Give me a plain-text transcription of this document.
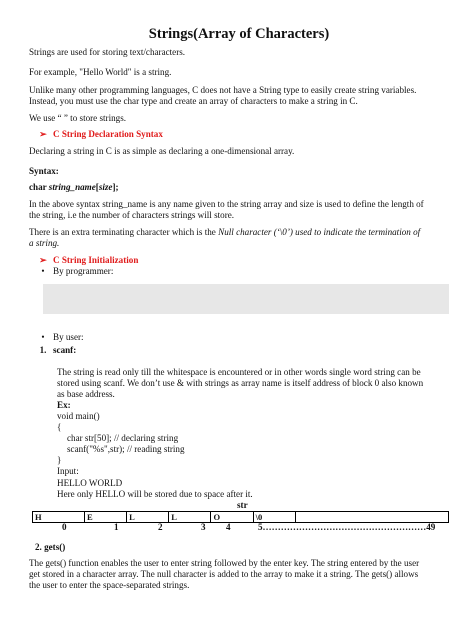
Strings(Array of Characters)
Strings are used for storing text/characters.
For example, "Hello World" is a string.
Unlike many other programming languages, C does not have a String type to easily create string variables.
Instead, you must use the char type and create an array of characters to make a string in C.
We use “ ” to store strings.
➢ C String Declaration Syntax
Declaring a string in C is as simple as declaring a one-dimensional array.
Syntax:
char string_name[size];
In the above syntax string_name is any name given to the string array and size is used to define the length of
the string, i.e the number of characters strings will store.
There is an extra terminating character which is the Null character (‘\0’) used to indicate the termination of
a string.
➢ C String Initialization
• By programmer:
• By user:
1. scanf:
The string is read only till the whitespace is encountered or in other words single word string can be
stored using scanf. We don’t use & with strings as array name is itself address of block 0 also known
as base address.
Ex:
void main()
{
char str[50]; // declaring string
scanf("%s",str); // reading string
}
Input:
HELLO WORLD
Here only HELLO will be stored due to space after it.
str
H	E	L	L	O	\0	
0	1	2	3 4	5………………………………………………49
2. gets()
The gets() function enables the user to enter string followed by the enter key. The string entered by the user
get stored in a character array. The null character is added to the array to make it a string. The gets() allows
the user to enter the space-separated strings.
